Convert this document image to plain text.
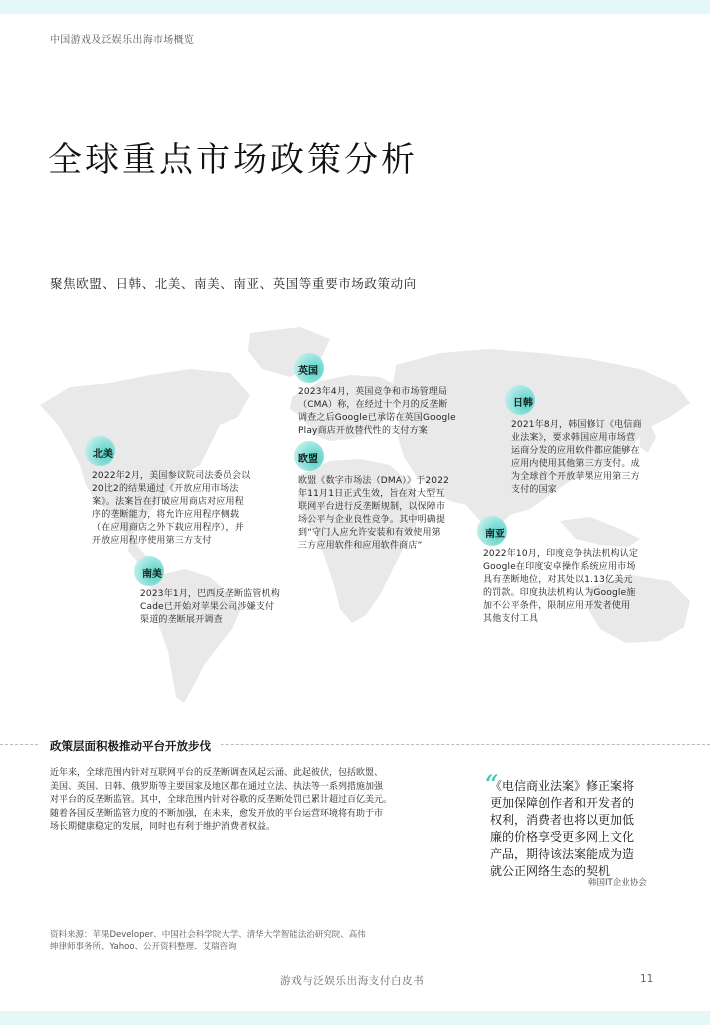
中国游戏及泛娱乐出海市场概览
全球重点市场政策分析
聚焦欧盟、日韩、北美、南美、南亚、英国等重要市场政策动向
英国
2023年4月，英国竞争和市场管理局
（CMA）称，在经过十个月的反垄断
调查之后Google已承诺在英国Google
Play商店开放替代性的支付方案
欧盟
欧盟《数字市场法（DMA）》于2022
年11月1日正式生效，旨在对大型互
联网平台进行反垄断规制，以保障市
场公平与企业良性竞争。其中明确提
到“守门人应允许安装和有效使用第
三方应用软件和应用软件商店”
日韩
2021年8月，韩国修订《电信商
业法案》，要求韩国应用市场营
运商分发的应用软件都应能够在
应用内使用其他第三方支付。成
为全球首个开放苹果应用第三方
支付的国家
北美
2022年2月，美国参议院司法委员会以
20比2的结果通过《开放应用市场法
案》。法案旨在打破应用商店对应用程
序的垄断能力，将允许应用程序侧载
（在应用商店之外下载应用程序），并
开放应用程序使用第三方支付
南美
2023年1月，巴西反垄断监管机构
Cade已开始对苹果公司涉嫌支付
渠道的垄断展开调查
南亚
2022年10月，印度竞争执法机构认定
Google在印度安卓操作系统应用市场
具有垄断地位，对其处以1.13亿美元
的罚款。印度执法机构认为Google施
加不公平条件，限制应用开发者使用
其他支付工具
政策层面积极推动平台开放步伐
近年来，全球范围内针对互联网平台的反垄断调查风起云涌、此起彼伏，包括欧盟、
美国、英国、日韩、俄罗斯等主要国家及地区都在通过立法、执法等一系列措施加强
对平台的反垄断监管。其中，全球范围内针对谷歌的反垄断处罚已累计超过百亿美元。
随着各国反垄断监管力度的不断加强，在未来，愈发开放的平台运营环境将有助于市
场长期健康稳定的发展，同时也有利于维护消费者权益。
“
《电信商业法案》修正案将
更加保障创作者和开发者的
权利，消费者也将以更加低
廉的价格享受更多网上文化
产品，期待该法案能成为造
就公正网络生态的契机
韩国IT企业协会
资料来源：苹果Developer、中国社会科学院大学、清华大学智能法治研究院、高伟
绅律师事务所、Yahoo、公开资料整理、艾瑞咨询
游戏与泛娱乐出海支付白皮书	11
